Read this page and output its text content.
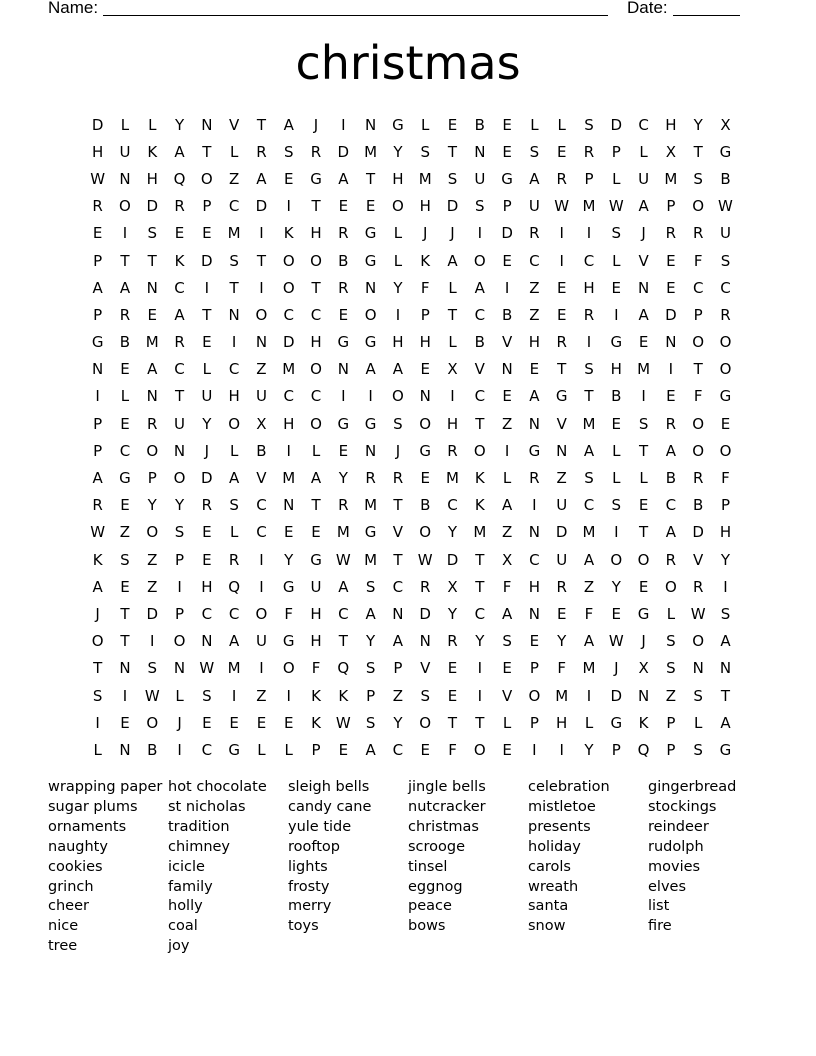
Name:	Date:
christmas
D	L	L	Y	N	V	T	A	J	I	N	G	L	E	B	E	L	L	S	D	C	H	Y	X
H	U	K	A	T	L	R	S	R	D	M	Y	S	T	N	E	S	E	R	P	L	X	T	G
W N	H	Q	O	Z	A	E	G	A	T	H	M	S	U	G	A	R	P	L	U	M	S	B
R	O	D	R	P	C	D	I	T	E	E	O	H	D	S	P	U W M W A	P	O W
E	I	S	E	E	M	I	K	H	R	G	L	J	J	I	D	R	I	I	S	J	R	R	U
P	T	T	K	D	S	T	O	O	B	G	L	K	A	O	E	C	I	C	L	V	E	F	S
A	A	N	C	I	T	I	O	T	R	N	Y	F	L	A	I	Z	E	H	E	N	E	C	C
P	R	E	A	T	N	O	C	C	E	O	I	P	T	C	B	Z	E	R	I	A	D	P	R
G	B	M	R	E	I	N	D	H	G	G	H	H	L	B	V	H	R	I	G	E	N	O	O
N	E	A	C	L	C	Z	M O	N	A	A	E	X	V	N	E	T	S	H	M	I	T	O
I	L	N	T	U	H	U	C	C	I	I	O	N	I	C	E	A	G	T	B	I	E	F	G
P	E	R	U	Y	O	X	H	O	G	G	S	O	H	T	Z	N	V	M	E	S	R	O	E
P	C	O	N	J	L	B	I	L	E	N	J	G	R	O	I	G	N	A	L	T	A	O	O
A	G	P	O	D	A	V	M	A	Y	R	R	E	M	K	L	R	Z	S	L	L	B	R	F
R	E	Y	Y	R	S	C	N	T	R	M	T	B	C	K	A	I	U	C	S	E	C	B	P
W Z	O	S	E	L	C	E	E	M	G	V	O	Y	M	Z	N	D	M	I	T	A	D	H
K	S	Z	P	E	R	I	Y	G W M	T	W D	T	X	C	U	A	O	O	R	V	Y
A	E	Z	I	H	Q	I	G	U	A	S	C	R	X	T	F	H	R	Z	Y	E	O	R	I
J	T	D	P	C	C	O	F	H	C	A	N	D	Y	C	A	N	E	F	E	G	L	W	S
O	T	I	O	N	A	U	G	H	T	Y	A	N	R	Y	S	E	Y	A W	J	S	O	A
T	N	S	N W M	I	O	F	Q	S	P	V	E	I	E	P	F	M	J	X	S	N	N
S	I	W	L	S	I	Z	I	K	K	P	Z	S	E	I	V	O M	I	D	N	Z	S	T
I	E	O	J	E	E	E	E	K W	S	Y	O	T	T	L	P	H	L	G	K	P	L	A
L	N	B	I	C	G	L	L	P	E	A	C	E	F	O	E	I	I	Y	P	Q	P	S	G
wrapping paper
sugar plums
ornaments
naughty
cookies
grinch
cheer
nice
tree
hot chocolate
st nicholas
tradition
chimney
icicle
family
holly
coal
joy
sleigh bells
candy cane
yule tide
rooftop
lights
frosty
merry
toys
jingle bells
nutcracker
christmas
scrooge
tinsel
eggnog
peace
bows
celebration
mistletoe
presents
holiday
carols
wreath
santa
snow
gingerbread
stockings
reindeer
rudolph
movies
elves
list
fire
